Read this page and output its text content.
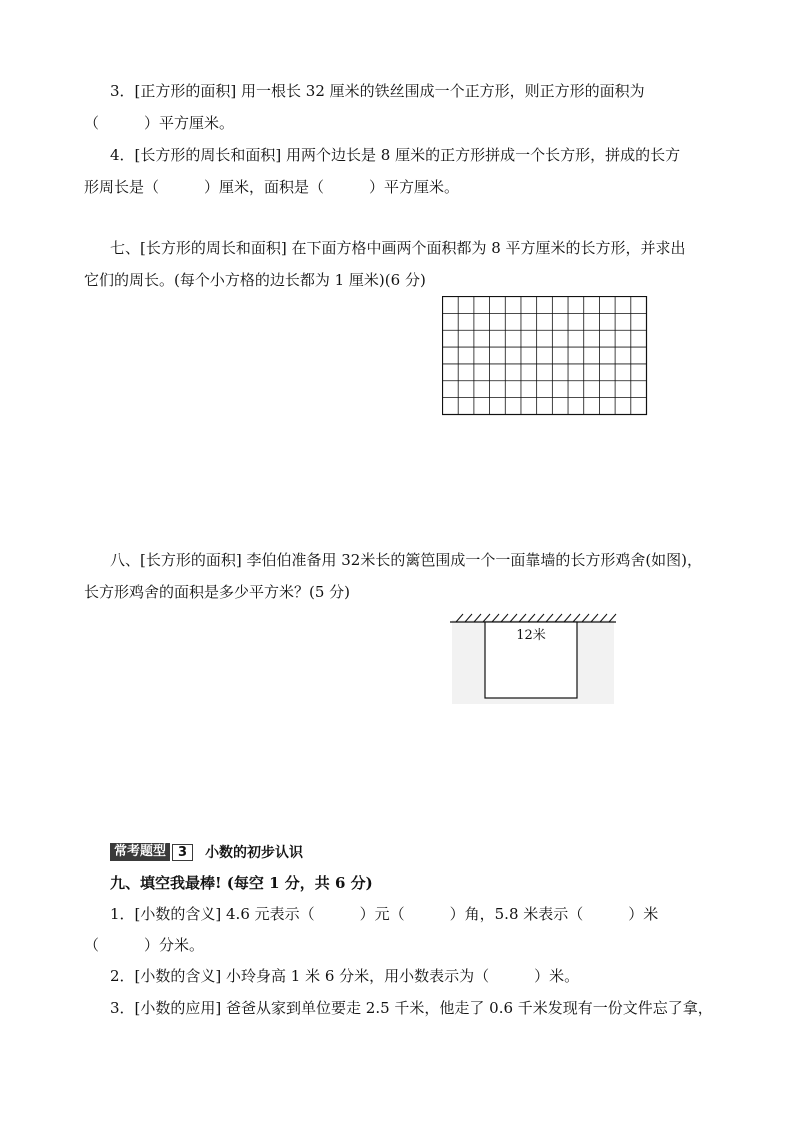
3．[正方形的面积] 用一根长 32 厘米的铁丝围成一个正方形，则正方形的面积为
（　　　）平方厘米。
4．[长方形的周长和面积] 用两个边长是 8 厘米的正方形拼成一个长方形，拼成的长方
形周长是（　　　）厘米，面积是（　　　）平方厘米。
七、[长方形的周长和面积] 在下面方格中画两个面积都为 8 平方厘米的长方形，并求出
它们的周长。(每个小方格的边长都为 1 厘米)(6 分)
八、[长方形的面积] 李伯伯准备用 32米长的篱笆围成一个一面靠墙的长方形鸡舍(如图)，
长方形鸡舍的面积是多少平方米？(5 分)
12米
常考题型 3	小数的初步认识
九、填空我最棒! (每空 1 分，共 6 分)
1．[小数的含义] 4.6 元表示（　　　）元（　　　）角，5.8 米表示（　　　）米
（　　　）分米。
2．[小数的含义] 小玲身高 1 米 6 分米，用小数表示为（　　　）米。
3．[小数的应用] 爸爸从家到单位要走 2.5 千米，他走了 0.6 千米发现有一份文件忘了拿，
